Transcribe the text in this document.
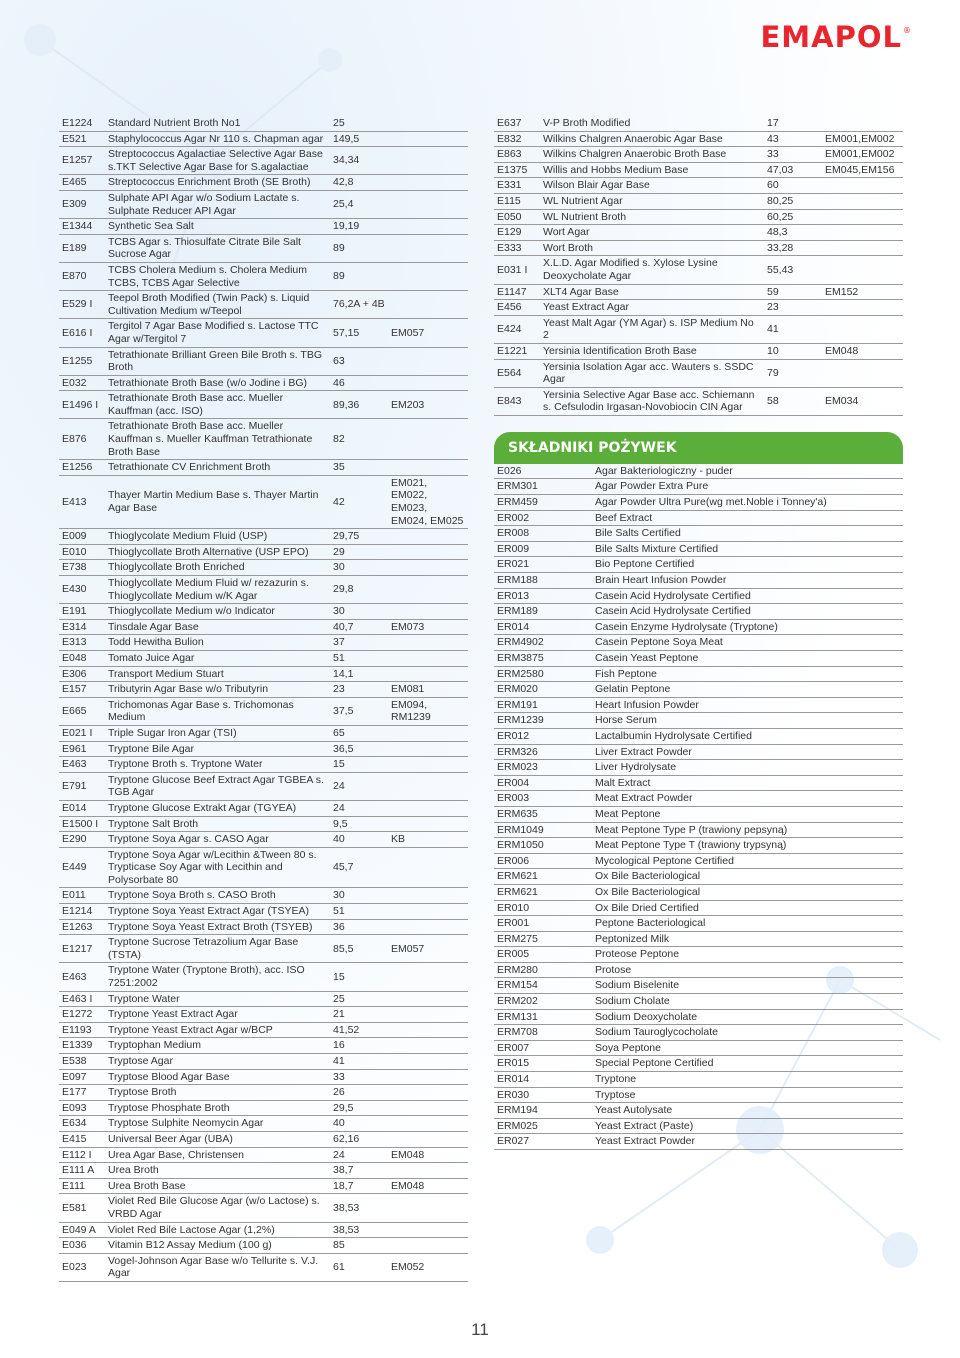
EMAPOL ®
E1224	Standard Nutrient Broth No1	25	
E521	Staphylococcus Agar Nr 110 s. Chapman agar	149,5	
E1257	Streptococcus Agalactiae Selective Agar Base s.TKT Selective Agar Base for S.agalactiae	34,34	
E465	Streptococcus Enrichment Broth (SE Broth)	42,8	
E309	Sulphate API Agar w/o Sodium Lactate s. Sulphate Reducer API Agar	25,4	
E1344	Synthetic Sea Salt	19,19	
E189	TCBS Agar s. Thiosulfate Citrate Bile Salt Sucrose Agar	89	
E870	TCBS Cholera Medium s. Cholera Medium TCBS, TCBS Agar Selective	89	
E529 I	Teepol Broth Modified (Twin Pack) s. Liquid Cultivation Medium w/Teepol	76,2A + 4B	
E616 I	Tergitol 7 Agar Base Modified s. Lactose TTC Agar w/Tergitol 7	57,15	EM057
E1255	Tetrathionate Brilliant Green Bile Broth s. TBG Broth	63	
E032	Tetrathionate Broth Base (w/o Jodine i BG)	46	
E1496 I	Tetrathionate Broth Base acc. Mueller Kauffman (acc. ISO)	89,36	EM203
E876	Tetrathionate Broth Base acc. Mueller Kauffman s. Mueller Kauffman Tetrathionate Broth Base	82	
E1256	Tetrathionate CV Enrichment Broth	35	
E413	Thayer Martin Medium Base s. Thayer Martin Agar Base	42	EM021, EM022, EM023, EM024, EM025
E009	Thioglycolate Medium Fluid (USP)	29,75	
E010	Thioglycollate Broth Alternative (USP EPO)	29	
E738	Thioglycollate Broth Enriched	30	
E430	Thioglycollate Medium Fluid w/ rezazurin s. Thioglycollate Medium w/K Agar	29,8	
E191	Thioglycollate Medium w/o Indicator	30	
E314	Tinsdale Agar Base	40,7	EM073
E313	Todd Hewitha Bulion	37	
E048	Tomato Juice Agar	51	
E306	Transport Medium Stuart	14,1	
E157	Tributyrin Agar Base w/o Tributyrin	23	EM081
E665	Trichomonas Agar Base s. Trichomonas Medium	37,5	EM094, RM1239
E021 I	Triple Sugar Iron Agar (TSI)	65	
E961	Tryptone Bile Agar	36,5	
E463	Tryptone Broth s. Tryptone Water	15	
E791	Tryptone Glucose Beef Extract Agar TGBEA s. TGB Agar	24	
E014	Tryptone Glucose Extrakt Agar (TGYEA)	24	
E1500 I	Tryptone Salt Broth	9,5	
E290	Tryptone Soya Agar s. CASO Agar	40	KB
E449	Tryptone Soya Agar w/Lecithin &Tween 80 s. Trypticase Soy Agar with Lecithin and Polysorbate 80	45,7	
E011	Tryptone Soya Broth s. CASO Broth	30	
E1214	Tryptone Soya Yeast Extract Agar (TSYEA)	51	
E1263	Tryptone Soya Yeast Extract Broth (TSYEB)	36	
E1217	Tryptone Sucrose Tetrazolium Agar Base (TSTA)	85,5	EM057
E463	Tryptone Water (Tryptone Broth), acc. ISO 7251:2002	15	
E463 I	Tryptone Water	25	
E1272	Tryptone Yeast Extract Agar	21	
E1193	Tryptone Yeast Extract Agar w/BCP	41,52	
E1339	Tryptophan Medium	16	
E538	Tryptose Agar	41	
E097	Tryptose Blood Agar Base	33	
E177	Tryptose Broth	26	
E093	Tryptose Phosphate Broth	29,5	
E634	Tryptose Sulphite Neomycin Agar	40	
E415	Universal Beer Agar (UBA)	62,16	
E112 I	Urea Agar Base, Christensen	24	EM048
E111 A	Urea Broth	38,7	
E111	Urea Broth Base	18,7	EM048
E581	Violet Red Bile Glucose Agar (w/o Lactose) s. VRBD Agar	38,53	
E049 A	Violet Red Bile Lactose Agar (1,2%)	38,53	
E036	Vitamin B12 Assay Medium (100 g)	85	
E023	Vogel-Johnson Agar Base w/o Tellurite s. V.J. Agar	61	EM052
E637	V-P Broth Modified	17	
E832	Wilkins Chalgren Anaerobic Agar Base	43	EM001,EM002
E863	Wilkins Chalgren Anaerobic Broth Base	33	EM001,EM002
E1375	Willis and Hobbs Medium Base	47,03	EM045,EM156
E331	Wilson Blair Agar Base	60	
E115	WL Nutrient Agar	80,25	
E050	WL Nutrient Broth	60,25	
E129	Wort Agar	48,3	
E333	Wort Broth	33,28	
E031 I	X.L.D. Agar Modified s. Xylose Lysine Deoxycholate Agar	55,43	
E1147	XLT4 Agar Base	59	EM152
E456	Yeast Extract Agar	23	
E424	Yeast Malt Agar (YM Agar) s. ISP Medium No 2	41	
E1221	Yersinia Identification Broth Base	10	EM048
E564	Yersinia Isolation Agar acc. Wauters s. SSDC Agar	79	
E843	Yersinia Selective Agar Base acc. Schiemann s. Cefsulodin Irgasan-Novobiocin CIN Agar	58	EM034
SKŁADNIKI POŻYWEK
E026	Agar Bakteriologiczny - puder
ERM301	Agar Powder Extra Pure
ERM459	Agar Powder Ultra Pure(wg met.Noble i Tonney'a)
ER002	Beef Extract
ER008	Bile Salts Certified
ER009	Bile Salts Mixture Certified
ER021	Bio Peptone Certified
ERM188	Brain Heart Infusion Powder
ER013	Casein Acid Hydrolysate Certified
ERM189	Casein Acid Hydrolysate Certified
ER014	Casein Enzyme Hydrolysate (Tryptone)
ERM4902	Casein Peptone Soya Meat
ERM3875	Casein Yeast Peptone
ERM2580	Fish Peptone
ERM020	Gelatin Peptone
ERM191	Heart Infusion Powder
ERM1239	Horse Serum
ER012	Lactalbumin Hydrolysate Certified
ERM326	Liver Extract Powder
ERM023	Liver Hydrolysate
ER004	Malt Extract
ER003	Meat Extract Powder
ERM635	Meat Peptone
ERM1049	Meat Peptone Type P (trawiony pepsyną)
ERM1050	Meat Peptone Type T (trawiony trypsyną)
ER006	Mycological Peptone Certified
ERM621	Ox Bile Bacteriological
ERM621	Ox Bile Bacteriological
ER010	Ox Bile Dried Certified
ER001	Peptone Bacteriological
ERM275	Peptonized Milk
ER005	Proteose Peptone
ERM280	Protose
ERM154	Sodium Biselenite
ERM202	Sodium Cholate
ERM131	Sodium Deoxycholate
ERM708	Sodium Tauroglycocholate
ER007	Soya Peptone
ER015	Special Peptone Certified
ER014	Tryptone
ER030	Tryptose
ERM194	Yeast Autolysate
ERM025	Yeast Extract (Paste)
ER027	Yeast Extract Powder
11
